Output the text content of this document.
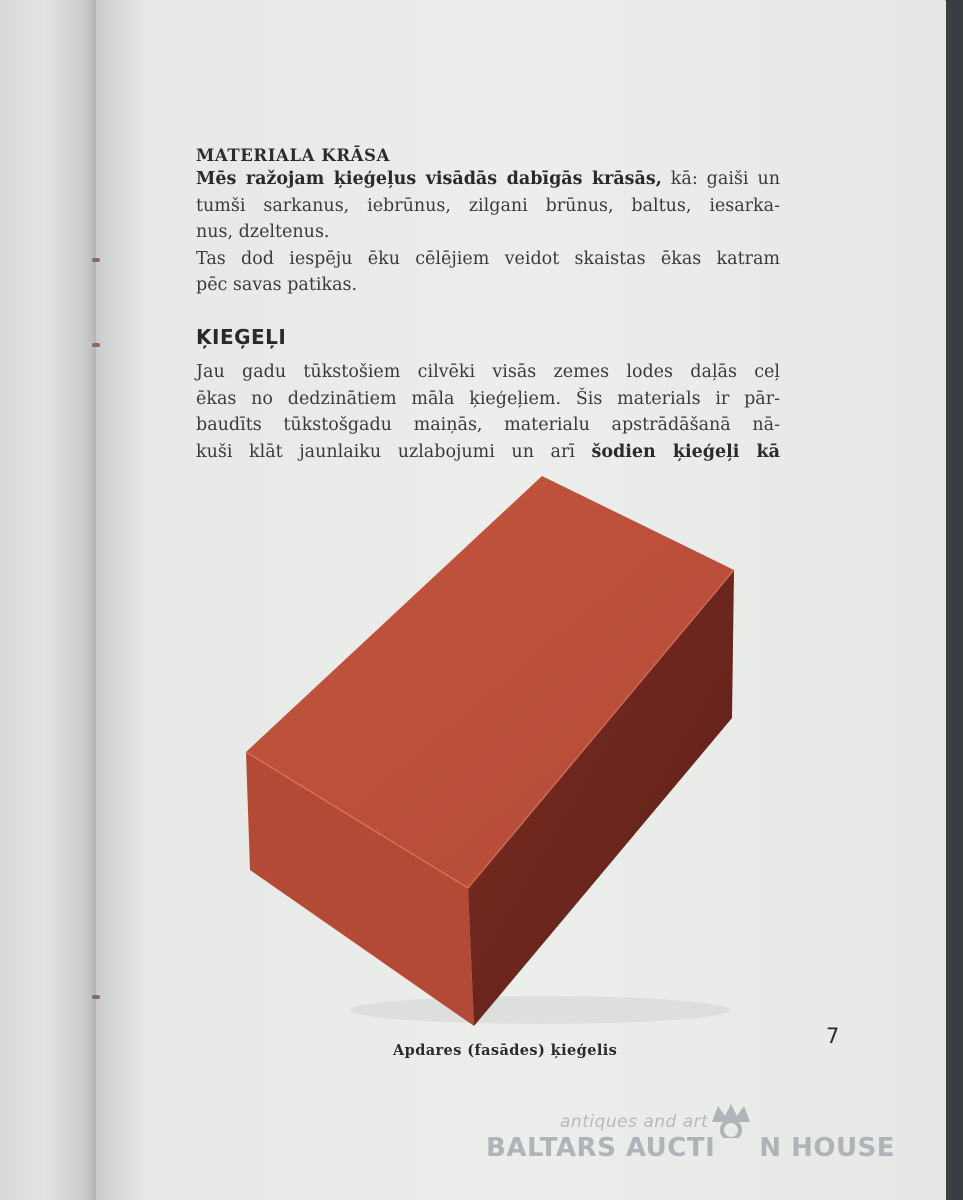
MATERIALA KRĀSA
Mēs ražojam ķieģeļus visādās dabīgās krāsās, kā: gaiši un
tumši sarkanus, iebrūnus, zilgani brūnus, baltus, iesarka-
nus, dzeltenus.
Tas dod iespēju ēku cēlējiem veidot skaistas ēkas katram
pēc savas patikas.
ĶIEĢEĻI
Jau gadu tūkstošiem cilvēki visās zemes lodes daļās ceļ
ēkas no dedzinātiem māla ķieģeļiem. Šis materials ir pār-
baudīts tūkstošgadu maiņās, materialu apstrādāšanā nā-
kuši klāt jaunlaiku uzlabojumi un arī šodien ķieģeļi kā
Apdares (fasādes) ķieģelis
7
antiques and art
BALTARS AUCTI N HOUSE
